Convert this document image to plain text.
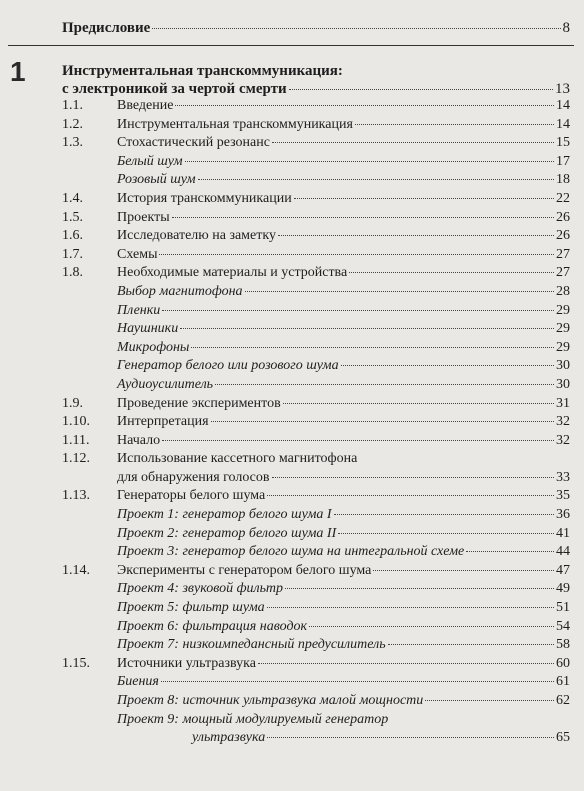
Предисловие	8
1 Инструментальная транскоммуникация:
с электроникой за чертой смерти	13
1.1.	Введение	14
1.2.	Инструментальная транскоммуникация	14
1.3.	Стохастический резонанс	15
Белый шум	17
Розовый шум	18
1.4.	История транскоммуникации	22
1.5.	Проекты	26
1.6.	Исследователю на заметку	26
1.7.	Схемы	27
1.8.	Необходимые материалы и устройства	27
Выбор магнитофона	28
Пленки	29
Наушники	29
Микрофоны	29
Генератор белого или розового шума	30
Аудиоусилитель	30
1.9.	Проведение экспериментов	31
1.10.	Интерпретация	32
1.11.	Начало	32
1.12.	Использование кассетного магнитофона
для обнаружения голосов	33
1.13.	Генераторы белого шума	35
Проект 1: генератор белого шума I	36
Проект 2: генератор белого шума II	41
Проект 3: генератор белого шума на интегральной схеме	44
1.14.	Эксперименты с генератором белого шума	47
Проект 4: звуковой фильтр	49
Проект 5: фильтр шума	51
Проект 6: фильтрация наводок	54
Проект 7: низкоимпедансный предусилитель	58
1.15.	Источники ультразвука	60
Биения	61
Проект 8: источник ультразвука малой мощности	62
Проект 9: мощный модулируемый генератор
ультразвука	65
